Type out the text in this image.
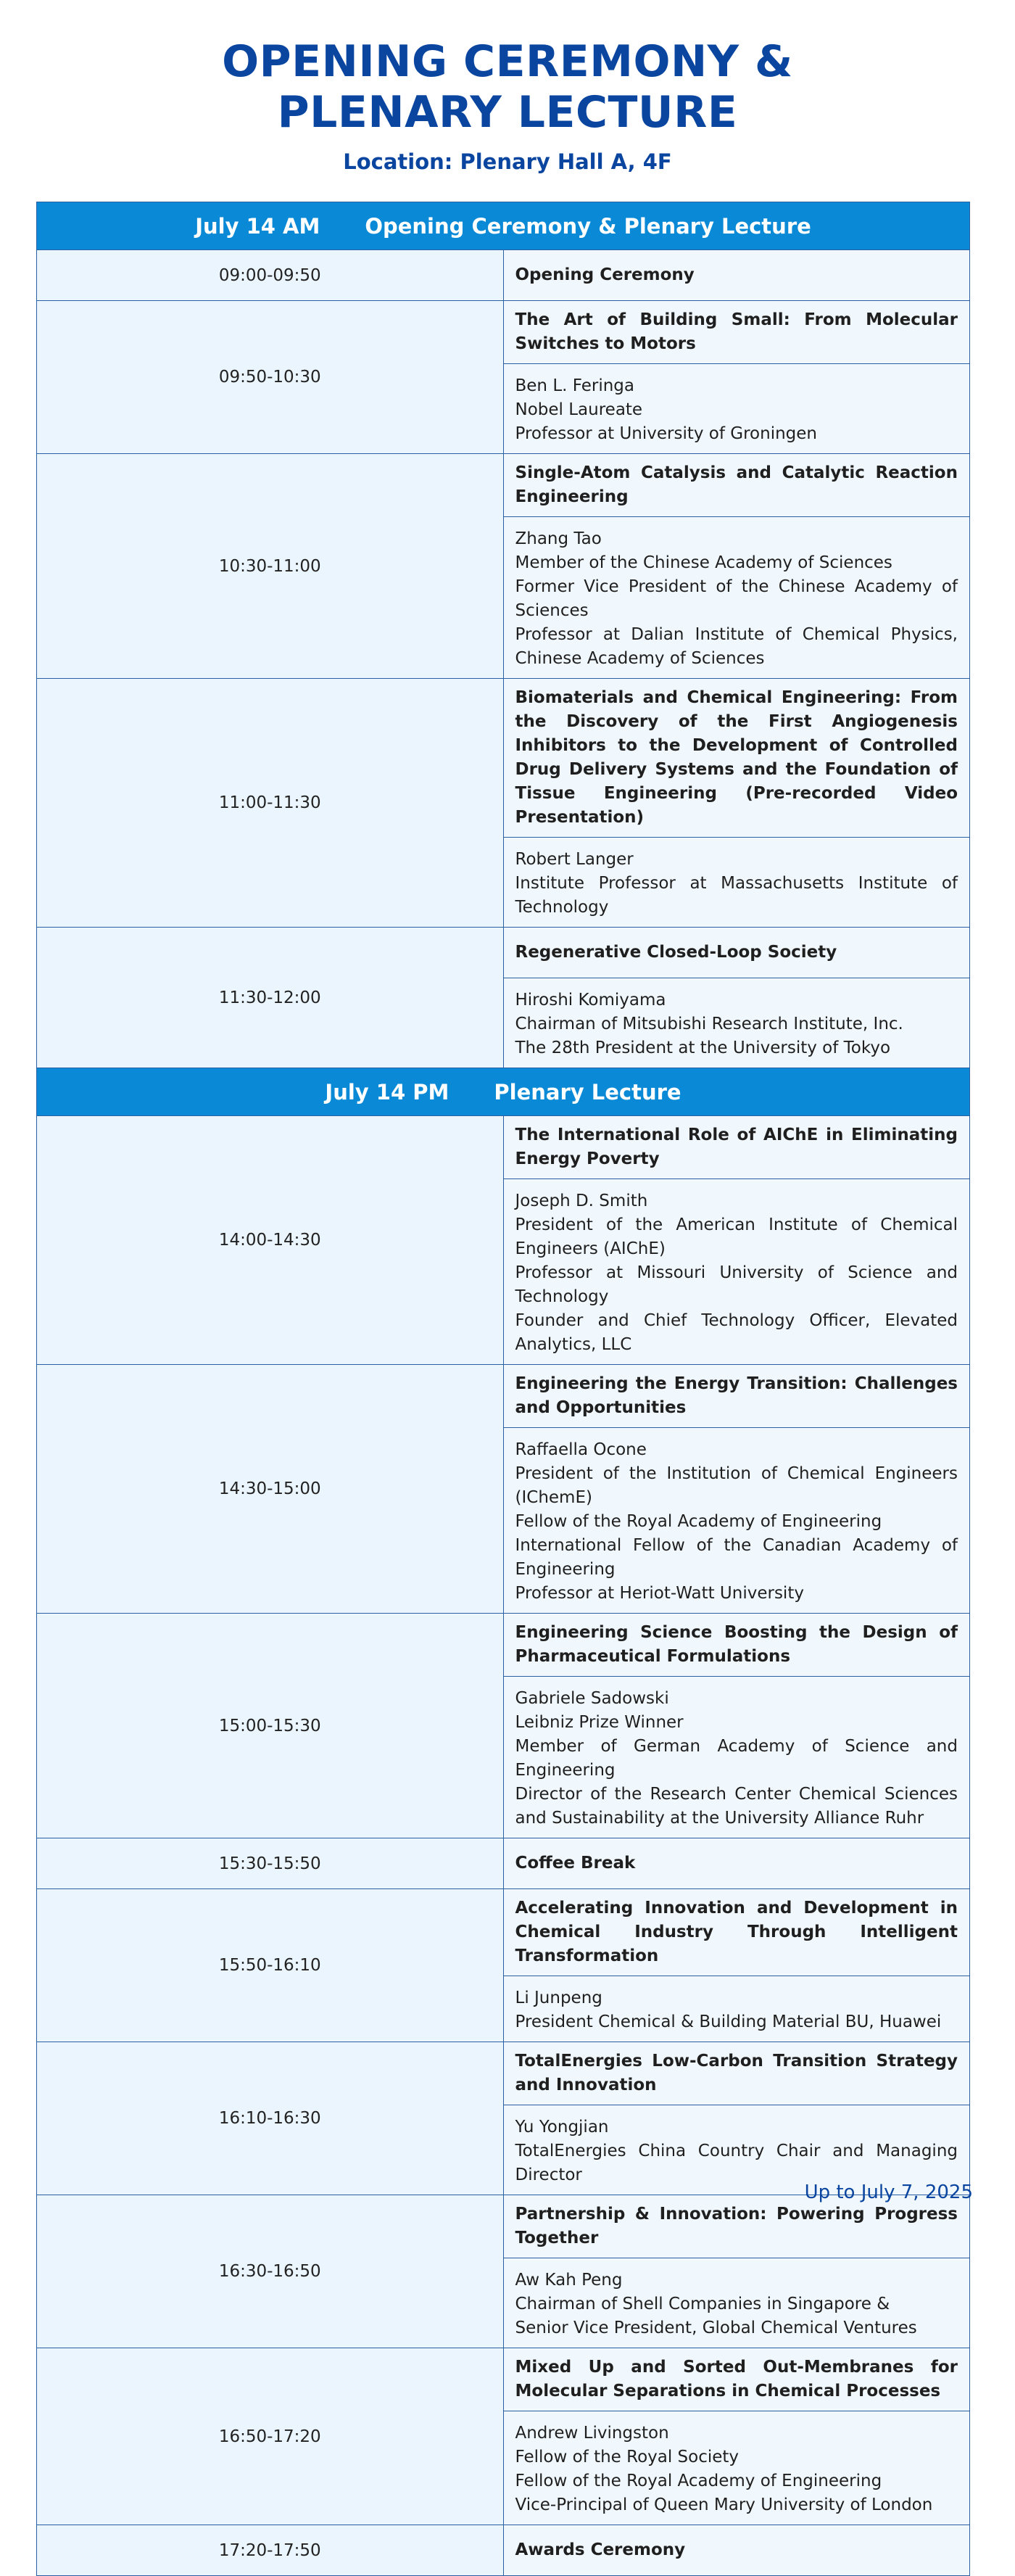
OPENING CEREMONY &
PLENARY LECTURE
Location: Plenary Hall A, 4F
July 14 AM Opening Ceremony & Plenary Lecture	
09:00-09:50	Opening Ceremony
09:50-10:30	The Art of Building Small: From Molecular Switches to Motors

	Ben L. Feringa
Nobel Laureate
Professor at University of Groningen

10:30-11:00	Single-Atom Catalysis and Catalytic Reaction Engineering

	Zhang Tao
Member of the Chinese Academy of Sciences
Former Vice President of the Chinese Academy of Sciences
Professor at Dalian Institute of Chemical Physics, Chinese Academy of Sciences

11:00-11:30	Biomaterials and Chemical Engineering: From the Discovery of the First Angiogenesis Inhibitors to the Development of Controlled Drug Delivery Systems and the Foundation of Tissue Engineering (Pre-recorded Video Presentation)

	Robert Langer
Institute Professor at Massachusetts Institute of Technology

11:30-12:00	Regenerative Closed-Loop Society

	Hiroshi Komiyama
Chairman of Mitsubishi Research Institute, Inc.
The 28th President at the University of Tokyo

July 14 PM Plenary Lecture	
14:00-14:30	The International Role of AIChE in Eliminating Energy Poverty

	Joseph D. Smith
President of the American Institute of Chemical Engineers (AIChE)
Professor at Missouri University of Science and Technology
Founder and Chief Technology Officer, Elevated Analytics, LLC

14:30-15:00	Engineering the Energy Transition: Challenges and Opportunities

	Raffaella Ocone
President of the Institution of Chemical Engineers (IChemE)
Fellow of the Royal Academy of Engineering
International Fellow of the Canadian Academy of Engineering
Professor at Heriot-Watt University

15:00-15:30	Engineering Science Boosting the Design of Pharmaceutical Formulations

	Gabriele Sadowski
Leibniz Prize Winner
Member of German Academy of Science and Engineering
Director of the Research Center Chemical Sciences and Sustainability at the University Alliance Ruhr

15:30-15:50	Coffee Break
15:50-16:10	Accelerating Innovation and Development in Chemical Industry Through Intelligent Transformation

	Li Junpeng
President Chemical & Building Material BU, Huawei

16:10-16:30	TotalEnergies Low-Carbon Transition Strategy and Innovation

	Yu Yongjian
TotalEnergies China Country Chair and Managing Director

16:30-16:50	Partnership & Innovation: Powering Progress Together

	Aw Kah Peng
Chairman of Shell Companies in Singapore &
Senior Vice President, Global Chemical Ventures

16:50-17:20	Mixed Up and Sorted Out-Membranes for Molecular Separations in Chemical Processes

	Andrew Livingston
Fellow of the Royal Society
Fellow of the Royal Academy of Engineering
Vice-Principal of Queen Mary University of London

17:20-17:50	Awards Ceremony
Up to July 7, 2025
